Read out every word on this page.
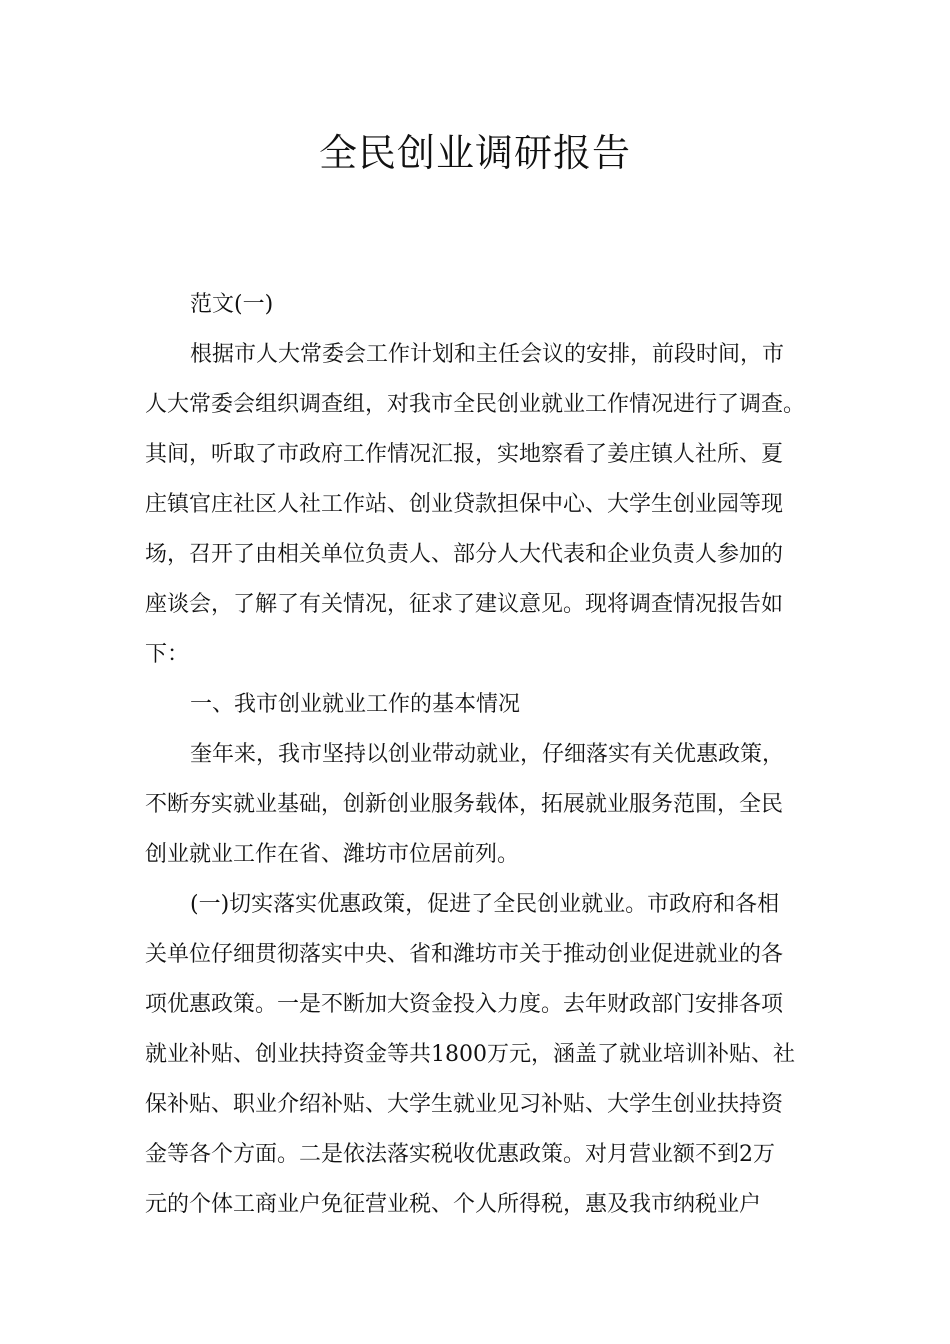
全民创业调研报告
范文(一)
根据市人大常委会工作计划和主任会议的安排，前段时间，市
人大常委会组织调查组，对我市全民创业就业工作情况进行了调查。
其间，听取了市政府工作情况汇报，实地察看了姜庄镇人社所、夏
庄镇官庄社区人社工作站、创业贷款担保中心、大学生创业园等现
场，召开了由相关单位负责人、部分人大代表和企业负责人参加的
座谈会，了解了有关情况，征求了建议意见。现将调查情况报告如
下：
一、我市创业就业工作的基本情况
奎年来，我市坚持以创业带动就业，仔细落实有关优惠政策，
不断夯实就业基础，创新创业服务载体，拓展就业服务范围，全民
创业就业工作在省、潍坊市位居前列。
(一)切实落实优惠政策，促进了全民创业就业。市政府和各相
关单位仔细贯彻落实中央、省和潍坊市关于推动创业促进就业的各
项优惠政策。一是不断加大资金投入力度。去年财政部门安排各项
就业补贴、创业扶持资金等共1800万元，涵盖了就业培训补贴、社
保补贴、职业介绍补贴、大学生就业见习补贴、大学生创业扶持资
金等各个方面。二是依法落实税收优惠政策。对月营业额不到2万
元的个体工商业户免征营业税、个人所得税，惠及我市纳税业户
